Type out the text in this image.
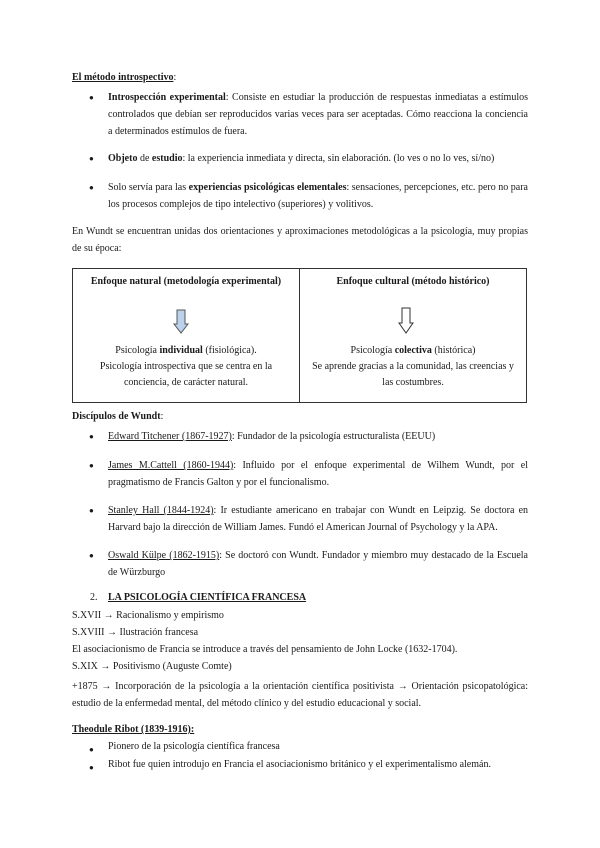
El método introspectivo:
● Introspección experimental: Consiste en estudiar la producción de respuestas inmediatas a estímulos controlados que debían ser reproducidos varias veces para ser aceptadas. Cómo reacciona la conciencia a determinados estímulos de fuera.
● Objeto de estudio: la experiencia inmediata y directa, sin elaboración. (lo ves o no lo ves, sí/no)
● Solo servía para las experiencias psicológicas elementales: sensaciones, percepciones, etc. pero no para los procesos complejos de tipo intelectivo (superiores) y volitivos.
En Wundt se encuentran unidas dos orientaciones y aproximaciones metodológicas a la psicología, muy propias de su época:
Enfoque natural (metodología experimental)
Psicología individual (fisiológica).
Psicología introspectiva que se centra en la
conciencia, de carácter natural.
Enfoque cultural (método histórico)
Psicología colectiva (histórica)
Se aprende gracias a la comunidad, las creencias y
las costumbres.
Discípulos de Wundt:
● Edward Titchener (1867-1927): Fundador de la psicología estructuralista (EEUU)
● James M.Cattell (1860-1944): Influido por el enfoque experimental de Wilhem Wundt, por el pragmatismo de Francis Galton y por el funcionalismo.
● Stanley Hall (1844-1924): Ir estudiante americano en trabajar con Wundt en Leipzig. Se doctora en Harvard bajo la dirección de William James. Fundó el American Journal of Psychology y la APA.
● Oswald Külpe (1862-1915): Se doctoró con Wundt. Fundador y miembro muy destacado de la Escuela de Würzburgo
2. LA PSICOLOGÍA CIENTÍFICA FRANCESA
S.XVII → Racionalismo y empirismo
S.XVIII → Ilustración francesa
El asociacionismo de Francia se introduce a través del pensamiento de John Locke (1632-1704).
S.XIX → Positivismo (Auguste Comte)
+1875 → Incorporación de la psicología a la orientación científica positivista → Orientación psicopatológica: estudio de la enfermedad mental, del método clínico y del estudio educacional y social.
Theodule Ribot (1839-1916):
● Pionero de la psicología científica francesa
● Ribot fue quien introdujo en Francia el asociacionismo británico y el experimentalismo alemán.
